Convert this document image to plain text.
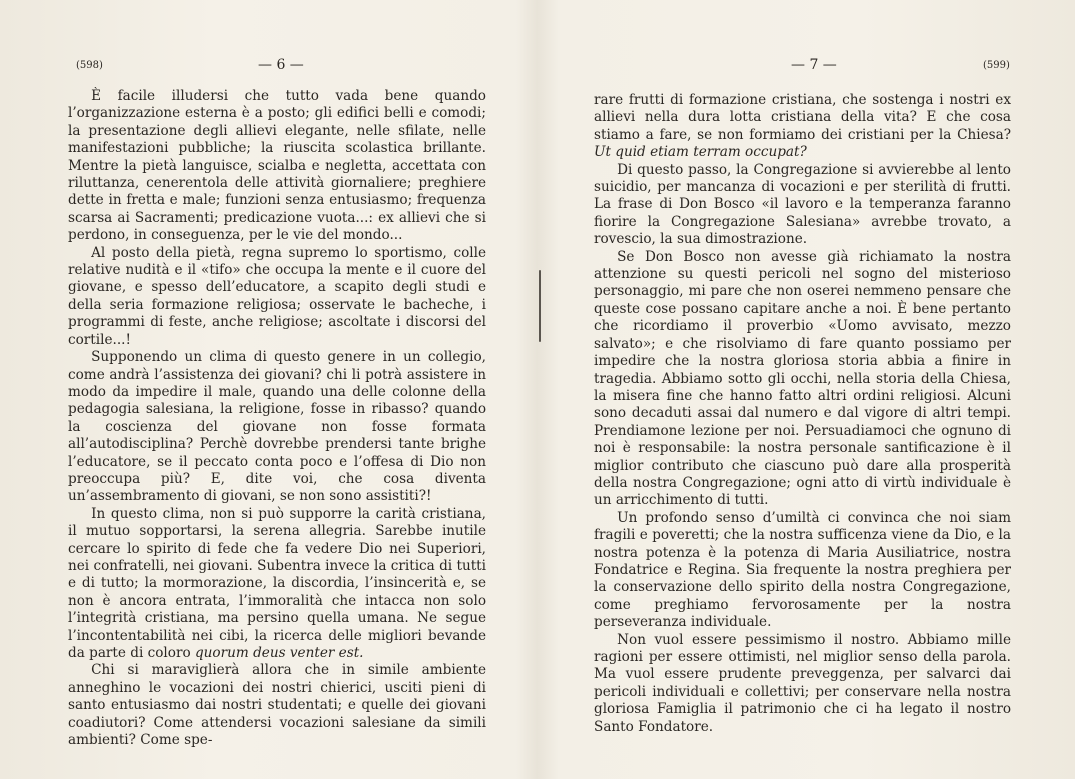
(598)	— 6 —

È facile illudersi che tutto vada bene quando l’organizzazione esterna è a posto; gli edifici belli e comodi; la presentazione degli allievi elegante, nelle sfilate, nelle manifestazioni pubbliche; la riuscita scolastica brillante. Mentre la pietà languisce, scialba e negletta, accettata con riluttanza, cenerentola delle attività giornaliere; preghiere dette in fretta e male; funzioni senza entusiasmo; frequenza scarsa ai Sacramenti; predicazione vuota...: ex allievi che si perdono, in conseguenza, per le vie del mondo...

Al posto della pietà, regna supremo lo sportismo, colle relative nudità e il «tifo» che occupa la mente e il cuore del giovane, e spesso dell’educatore, a scapito degli studi e della seria formazione religiosa; osservate le bacheche, i programmi di feste, anche religiose; ascoltate i discorsi del cortile...!

Supponendo un clima di questo genere in un collegio, come andrà l’assistenza dei giovani? chi li potrà assistere in modo da impedire il male, quando una delle colonne della pedagogia salesiana, la religione, fosse in ribasso? quando la coscienza del giovane non fosse formata all’autodisciplina? Perchè dovrebbe prendersi tante brighe l’educatore, se il peccato conta poco e l’offesa di Dio non preoccupa più? E, dite voi, che cosa diventa un’assembramento di giovani, se non sono assistiti?!

In questo clima, non si può supporre la carità cristiana, il mutuo sopportarsi, la serena allegria. Sarebbe inutile cercare lo spirito di fede che fa vedere Dio nei Superiori, nei confratelli, nei giovani. Subentra invece la critica di tutti e di tutto; la mormorazione, la discordia, l’insincerità e, se non è ancora entrata, l’immoralità che intacca non solo l’integrità cristiana, ma persino quella umana. Ne segue l’incontentabilità nei cibi, la ricerca delle migliori bevande da parte di coloro quorum deus venter est.

Chi si maraviglierà allora che in simile ambiente anneghino le vocazioni dei nostri chierici, usciti pieni di santo entusiasmo dai nostri studentati; e quelle dei giovani coadiutori? Come attendersi vocazioni salesiane da simili ambienti? Come spe-

— 7 —	(599)

rare frutti di formazione cristiana, che sostenga i nostri ex allievi nella dura lotta cristiana della vita? E che cosa stiamo a fare, se non formiamo dei cristiani per la Chiesa? Ut quid etiam terram occupat?

Di questo passo, la Congregazione si avvierebbe al lento suicidio, per mancanza di vocazioni e per sterilità di frutti. La frase di Don Bosco «il lavoro e la temperanza faranno fiorire la Congregazione Salesiana» avrebbe trovato, a rovescio, la sua dimostrazione.

Se Don Bosco non avesse già richiamato la nostra attenzione su questi pericoli nel sogno del misterioso personaggio, mi pare che non oserei nemmeno pensare che queste cose possano capitare anche a noi. È bene pertanto che ricordiamo il proverbio «Uomo avvisato, mezzo salvato»; e che risolviamo di fare quanto possiamo per impedire che la nostra gloriosa storia abbia a finire in tragedia. Abbiamo sotto gli occhi, nella storia della Chiesa, la misera fine che hanno fatto altri ordini religiosi. Alcuni sono decaduti assai dal numero e dal vigore di altri tempi. Prendiamone lezione per noi. Persuadiamoci che ognuno di noi è responsabile: la nostra personale santificazione è il miglior contributo che ciascuno può dare alla prosperità della nostra Congregazione; ogni atto di virtù individuale è un arricchimento di tutti.

Un profondo senso d’umiltà ci convinca che noi siam fragili e poveretti; che la nostra sufficenza viene da Dio, e la nostra potenza è la potenza di Maria Ausiliatrice, nostra Fondatrice e Regina. Sia frequente la nostra preghiera per la conservazione dello spirito della nostra Congregazione, come preghiamo fervorosamente per la nostra perseveranza individuale.

Non vuol essere pessimismo il nostro. Abbiamo mille ragioni per essere ottimisti, nel miglior senso della parola. Ma vuol essere prudente preveggenza, per salvarci dai pericoli individuali e collettivi; per conservare nella nostra gloriosa Famiglia il patrimonio che ci ha legato il nostro Santo Fondatore.
